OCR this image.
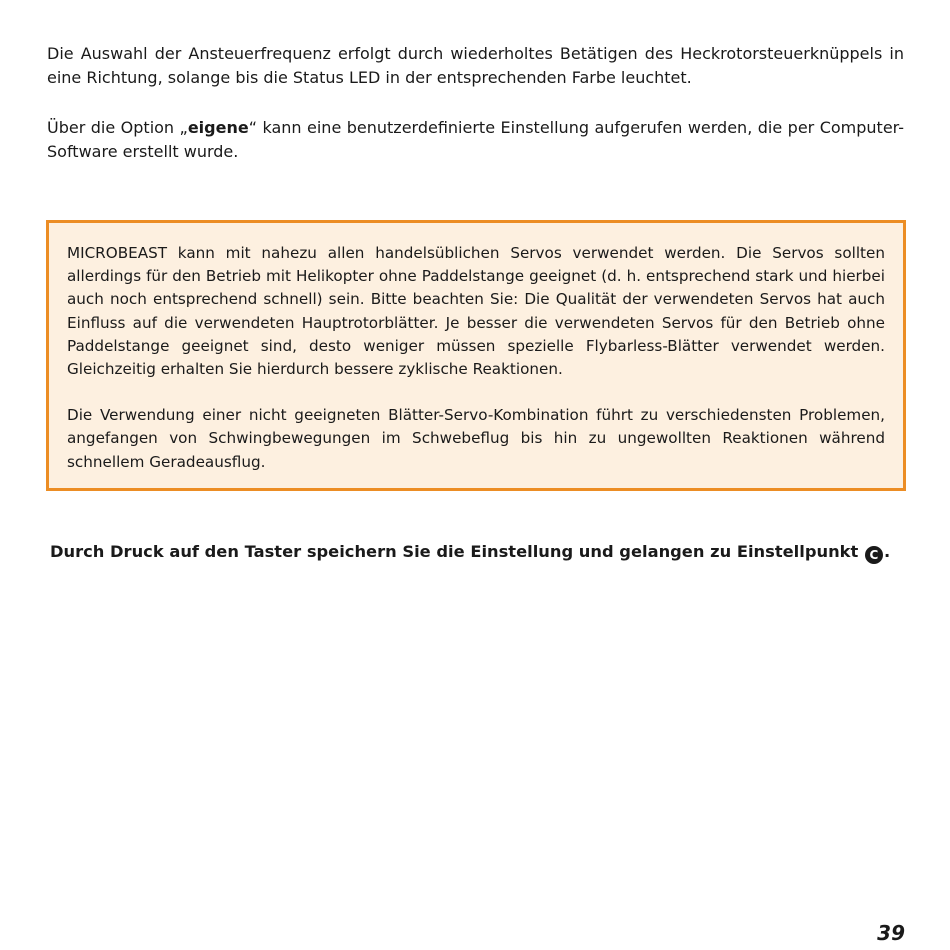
Die Auswahl der Ansteuerfrequenz erfolgt durch wiederholtes Betätigen des Heckrotorsteuerknüppels in eine Richtung, solange bis die Status LED in der entsprechenden Farbe leuchtet.

Über die Option „eigene“ kann eine benutzerdefinierte Einstellung aufgerufen werden, die per Computer-Software erstellt wurde.

MICROBEAST kann mit nahezu allen handelsüblichen Servos verwendet werden. Die Servos sollten allerdings für den Betrieb mit Helikopter ohne Paddelstange geeignet (d. h. entsprechend stark und hierbei auch noch entsprechend schnell) sein. Bitte beachten Sie: Die Qualität der verwendeten Servos hat auch Einfluss auf die verwendeten Hauptrotorblätter. Je besser die verwendeten Servos für den Betrieb ohne Paddelstange geeignet sind, desto weniger müssen spezielle Flybarless-Blätter verwendet werden. Gleichzeitig erhalten Sie hierdurch bessere zyklische Reaktionen.

Die Verwendung einer nicht geeigneten Blätter-Servo-Kombination führt zu verschiedensten Problemen, angefangen von Schwingbewegungen im Schwebeflug bis hin zu ungewollten Reaktionen während schnellem Geradeausflug.

Durch Druck auf den Taster speichern Sie die Einstellung und gelangen zu Einstellpunkt C .

39
